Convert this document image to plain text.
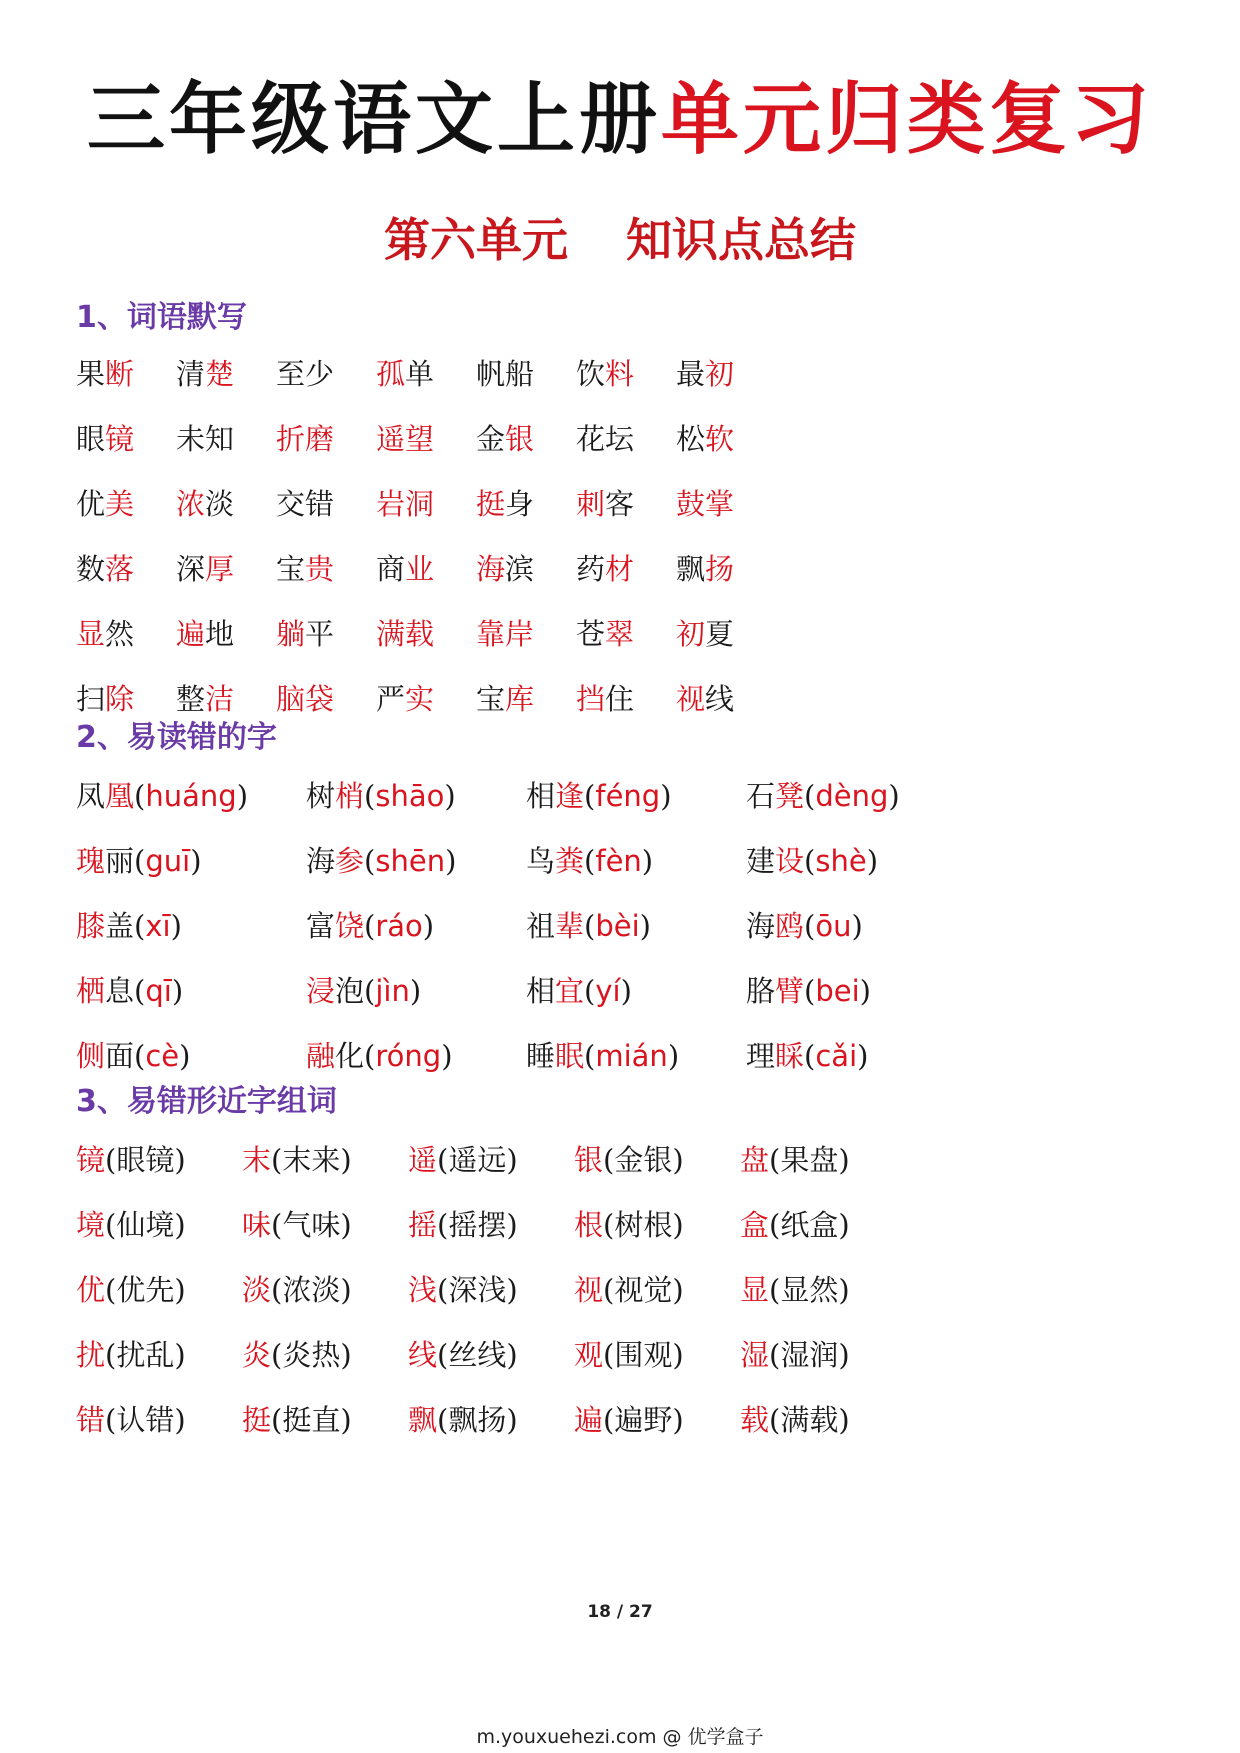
三年级语文上册单元归类复习
第六单元 知识点总结
1、词语默写
果断 清楚 至少 孤单 帆船 饮料 最初
眼镜 未知 折磨 遥望 金银 花坛 松软
优美 浓淡 交错 岩洞 挺身 刺客 鼓掌
数落 深厚 宝贵 商业 海滨 药材 飘扬
显然 遍地 躺平 满载 靠岸 苍翠 初夏
扫除 整洁 脑袋 严实 宝库 挡住 视线
2、易读错的字
凤凰(huáng) 树梢(shāo) 相逢(féng)	石凳(dèng)
瑰丽(guī)	海参(shēn) 鸟粪(fèn)	建设(shè)
膝盖(xī)	富饶(ráo)	祖辈(bèi)	海鸥(ōu)
栖息(qī)	浸泡(jìn)	相宜(yí)	胳臂(bei)
侧面(cè)	融化(róng)	睡眠(mián) 理睬(cǎi)
3、易错形近字组词
镜(眼镜) 末(末来) 遥(遥远) 银(金银) 盘(果盘)
境(仙境) 味(气味) 摇(摇摆) 根(树根) 盒(纸盒)
优(优先) 淡(浓淡) 浅(深浅) 视(视觉) 显(显然)
扰(扰乱) 炎(炎热) 线(丝线) 观(围观) 湿(湿润)
错(认错) 挺(挺直) 飘(飘扬) 遍(遍野) 载(满载)
18 / 27
m.youxuehezi.com @ 优学盒子
